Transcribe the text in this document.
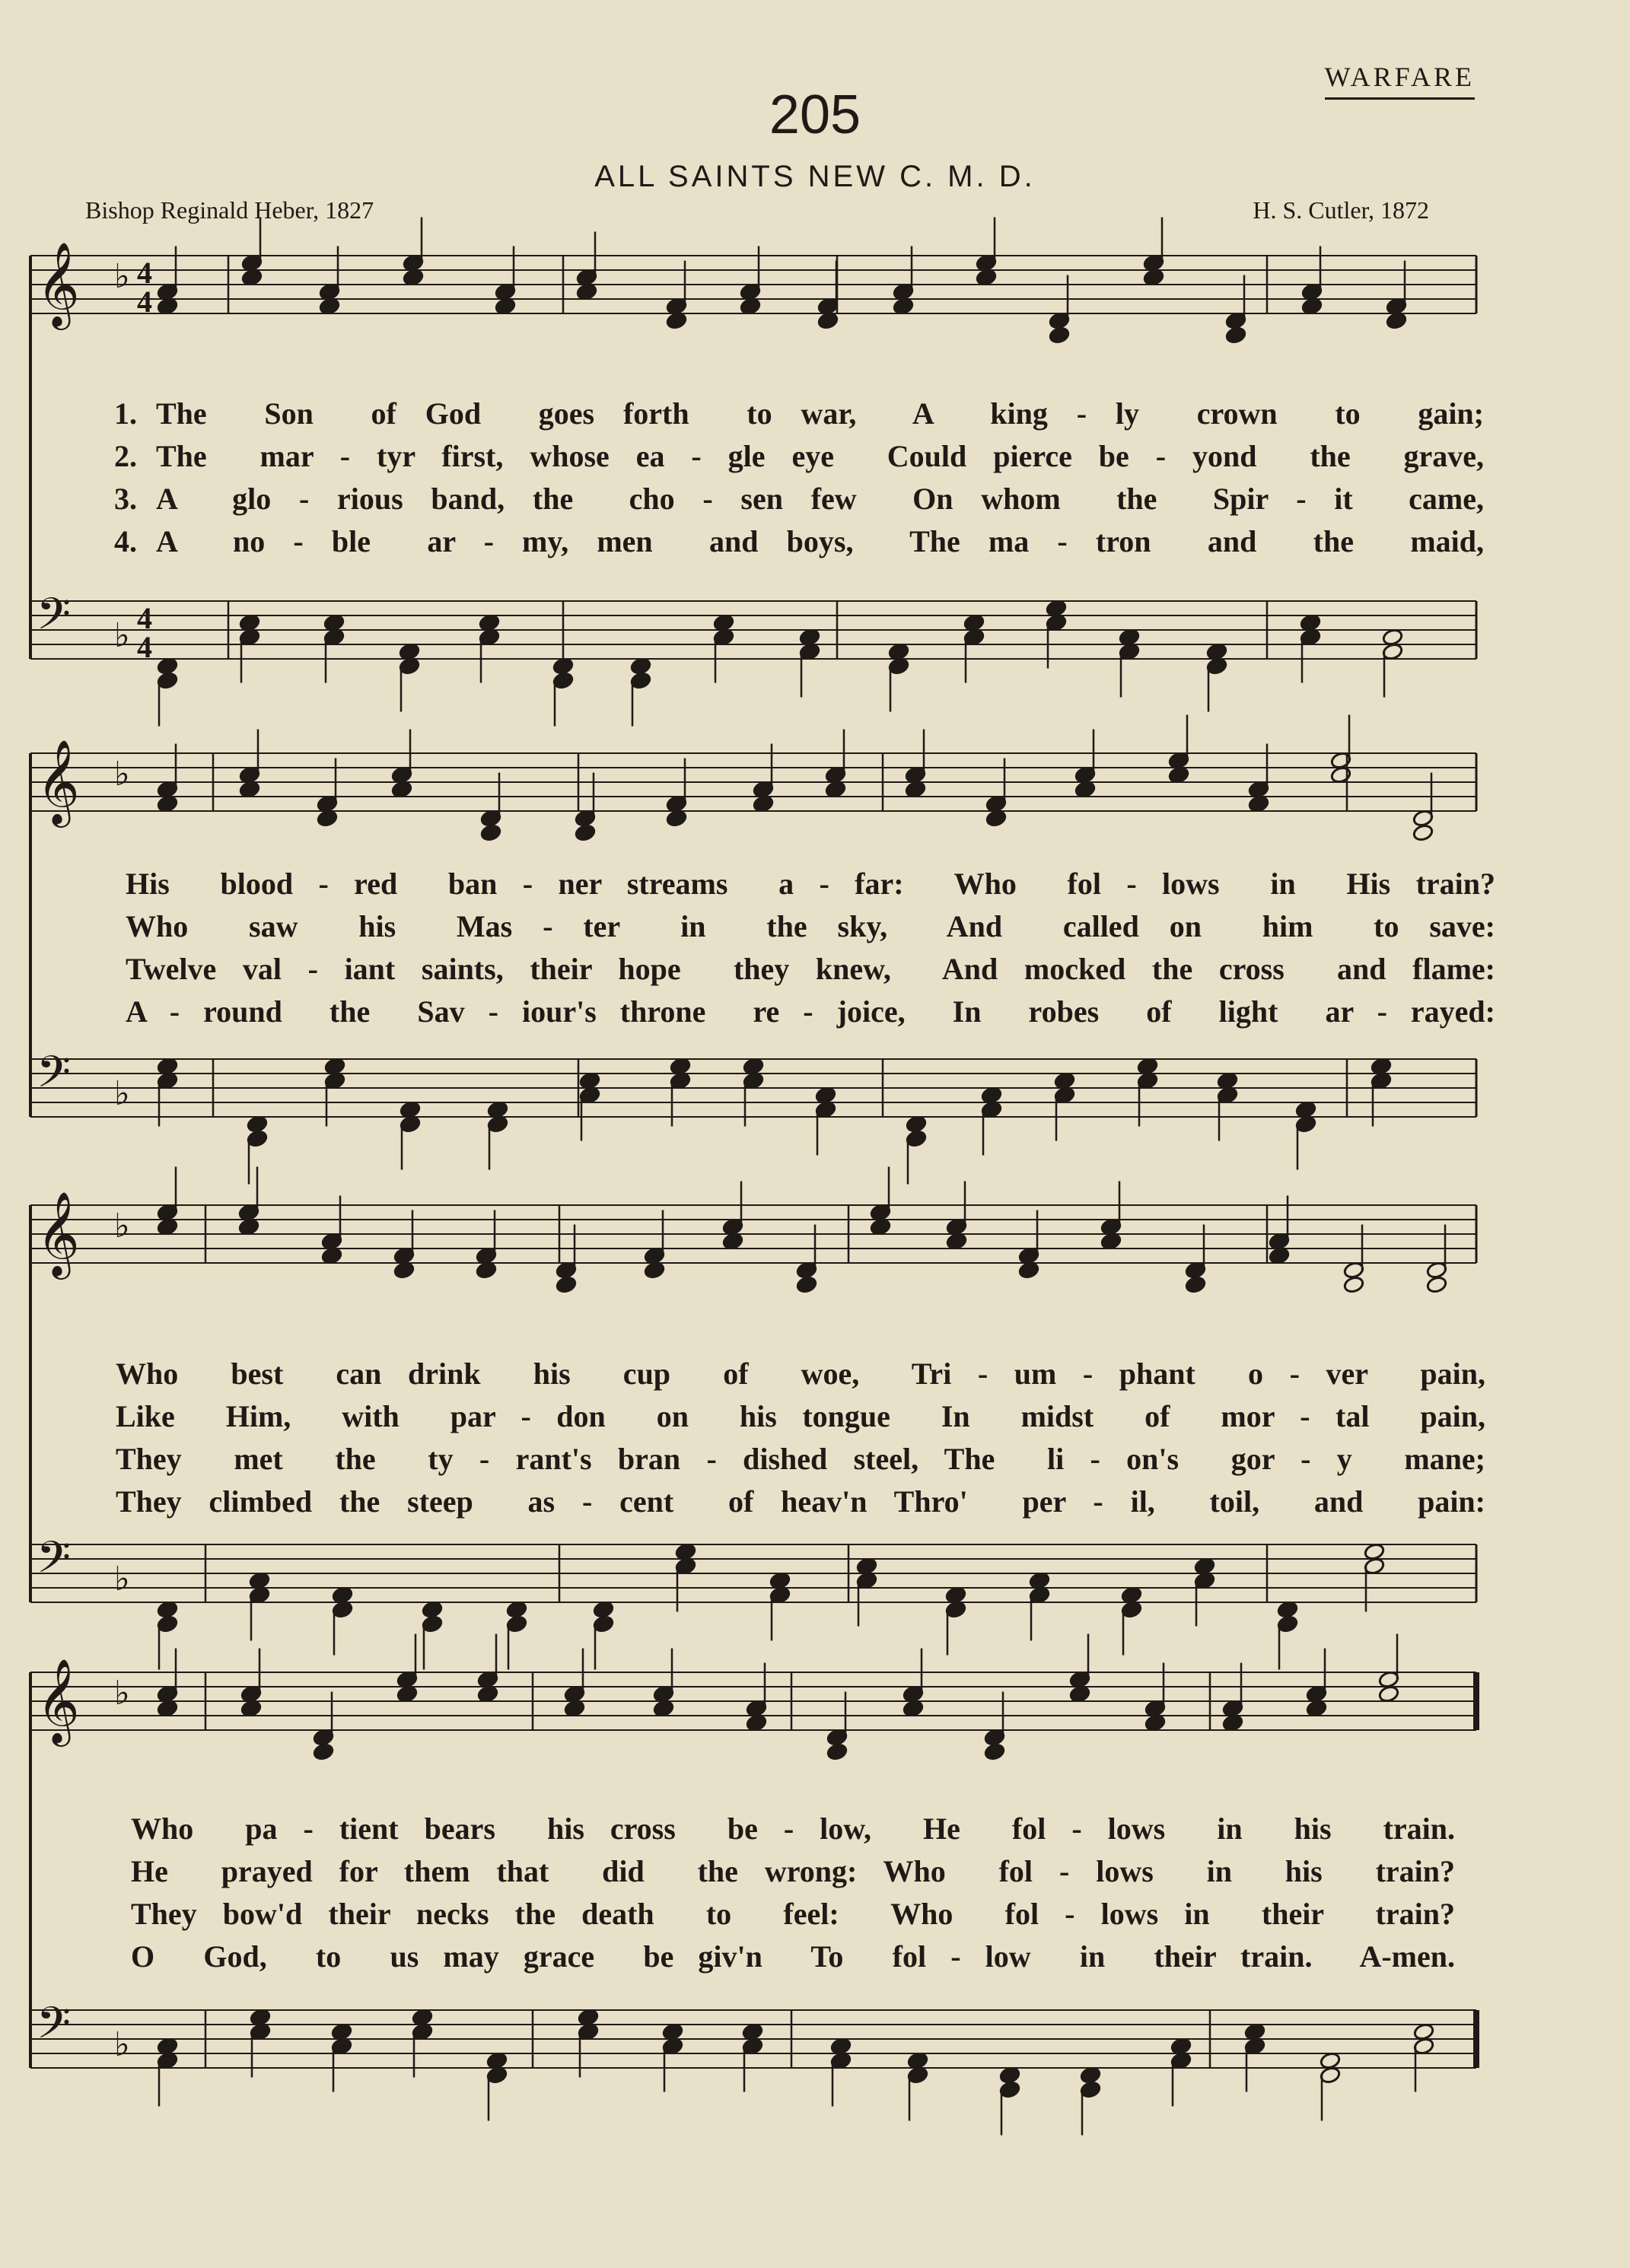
WARFARE
205
ALL SAINTS NEW C. M. D.
Bishop Reginald Heber, 1827	H. S. Cutler, 1872
𝄞 ♭ 4
4
𝄢 ♭ 4
4
𝄞 ♭
𝄢 ♭
𝄞 ♭
𝄢 ♭
𝄞 ♭
𝄢 ♭
1. The  Son  of God  goes forth  to war,  A  king - ly  crown  to  gain;
2. The  mar - tyr first, whose ea - gle eye  Could pierce be - yond  the  grave,
3. A  glo - rious band, the  cho - sen few  On whom  the  Spir - it  came,
4. A  no - ble  ar - my, men  and boys,  The ma - tron  and  the  maid,
His  blood - red  ban - ner streams  a - far:  Who  fol - lows  in  His train?
Who  saw  his  Mas - ter  in  the sky,  And  called on  him  to save:
Twelve val - iant saints, their hope  they knew,  And mocked the cross  and flame:
A - round  the  Sav - iour's throne  re - joice,  In  robes  of  light  ar - rayed:
Who  best  can drink  his  cup  of  woe,  Tri - um - phant  o - ver  pain,
Like  Him,  with  par - don  on  his tongue  In  midst  of  mor - tal  pain,
They  met  the  ty - rant's bran - dished steel, The  li - on's  gor - y  mane;
They climbed the steep  as - cent  of heav'n Thro'  per - il,  toil,  and  pain:
Who  pa - tient bears  his cross  be - low,  He  fol - lows  in  his  train.
He  prayed for them that  did  the wrong: Who  fol - lows  in  his  train?
They bow'd their necks the death  to  feel:  Who  fol - lows in  their  train?
O  God,  to  us may grace  be giv'n  To  fol - low  in  their train.  A-men.
